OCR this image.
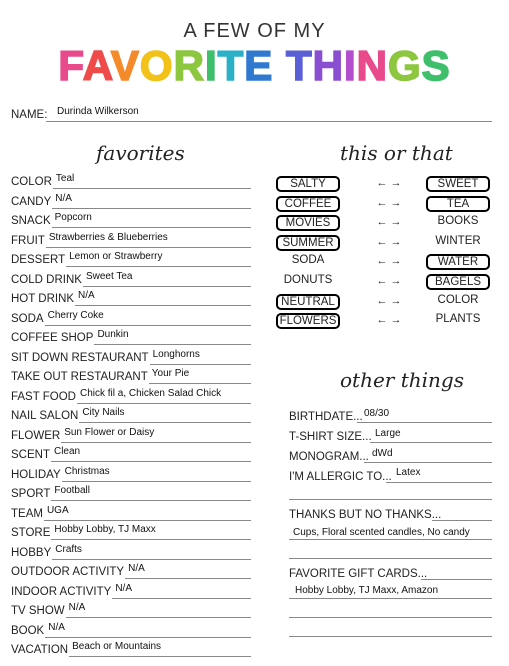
A FEW OF MY
FAVORITE THINGS
NAME: Durinda Wilkerson
favorites
COLOR Teal
CANDY N/A
SNACK Popcorn
FRUIT Strawberries & Blueberries
DESSERT Lemon or Strawberry
COLD DRINK Sweet Tea
HOT DRINK N/A
SODA Cherry Coke
COFFEE SHOP Dunkin
SIT DOWN RESTAURANT Longhorns
TAKE OUT RESTAURANT Your Pie
FAST FOOD Chick fil a, Chicken Salad Chick
NAIL SALON City Nails
FLOWER Sun Flower or Daisy
SCENT Clean
HOLIDAY Christmas
SPORT Football
TEAM UGA
STORE Hobby Lobby, TJ Maxx
HOBBY Crafts
OUTDOOR ACTIVITY N/A
INDOOR ACTIVITY N/A
TV SHOW N/A
BOOK N/A
VACATION Beach or Mountains
this or that
SALTY	← →	SWEET
COFFEE	← →	TEA
MOVIES	← →	BOOKS
SUMMER	← →	WINTER
SODA	← →	WATER
DONUTS	← →	BAGELS
NEUTRAL	← →	COLOR
FLOWERS	← →	PLANTS
other things
BIRTHDATE... 08/30
T-SHIRT SIZE... Large
MONOGRAM... dWd
I'M ALLERGIC TO... Latex
THANKS BUT NO THANKS...
Cups, Floral scented candles, No candy
FAVORITE GIFT CARDS...
Hobby Lobby, TJ Maxx, Amazon
